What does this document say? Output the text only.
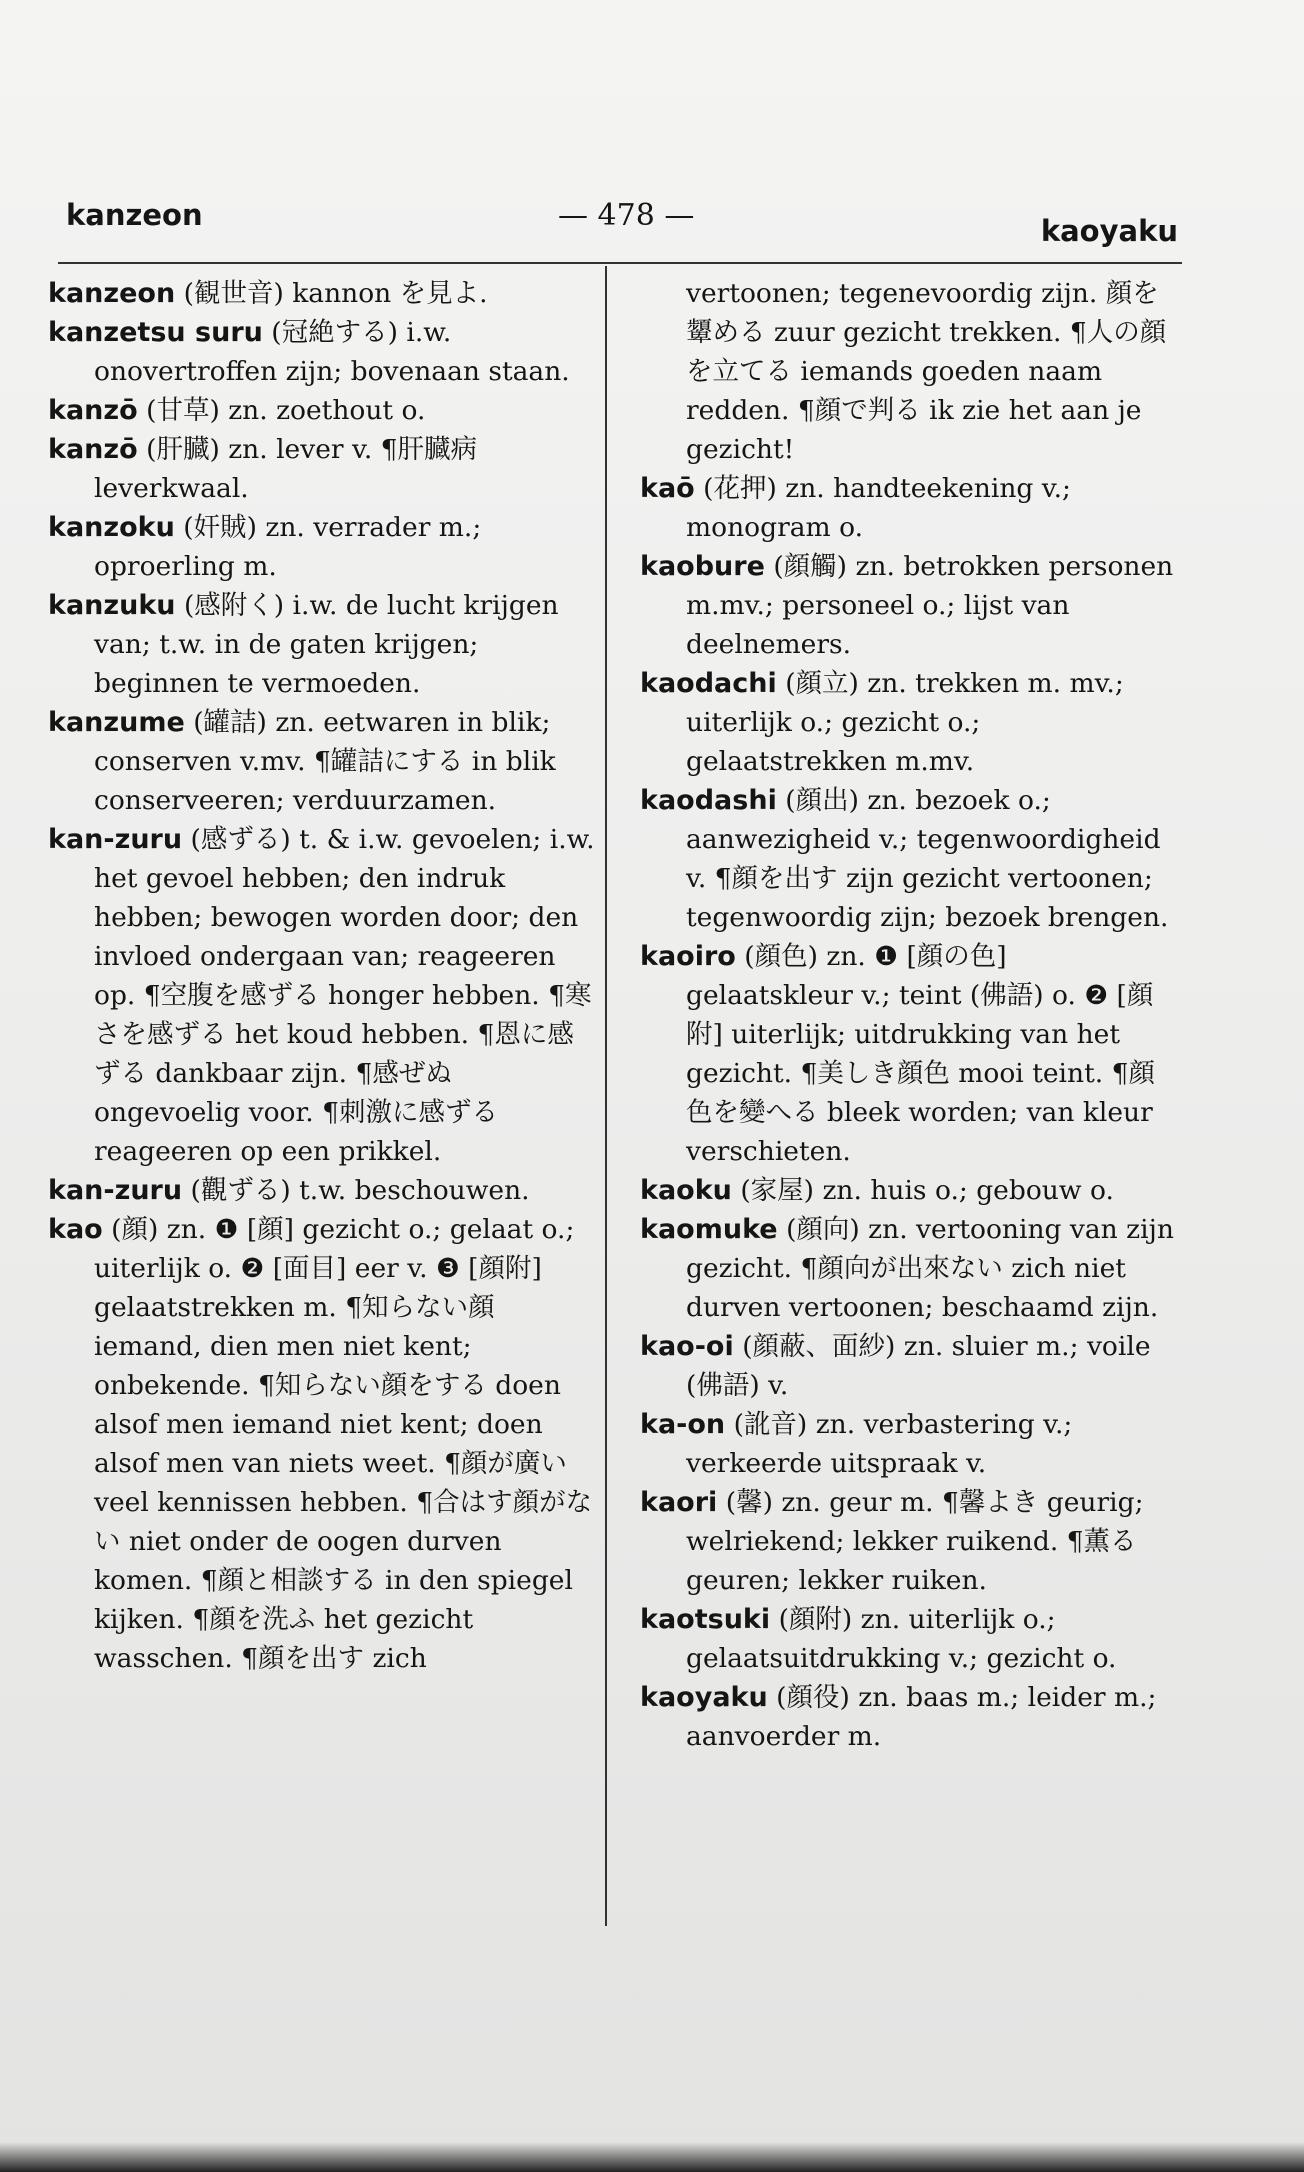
kanzeon	— 478 —	kaoyaku

kanzeon (観世音) kannon を見よ.

kanzetsu suru (冠絶する) i.w. onovertroffen zijn; bovenaan staan.

kanzō (甘草) zn. zoethout o.

kanzō (肝臓) zn. lever v. ¶肝臓病 leverkwaal.

kanzoku (奸賊) zn. verrader m.; oproerling m.

kanzuku (感附く) i.w. de lucht krijgen van; t.w. in de gaten krijgen; beginnen te vermoeden.

kanzume (罐詰) zn. eetwaren in blik; conserven v.mv. ¶罐詰にする in blik conserveeren; verduurzamen.

kan-zuru (感ずる) t. & i.w. gevoelen; i.w. het gevoel hebben; den indruk hebben; bewogen worden door; den invloed ondergaan van; reageeren op. ¶空腹を感ずる honger hebben. ¶寒さを感ずる het koud hebben. ¶恩に感ずる dankbaar zijn. ¶感ぜぬ ongevoelig voor. ¶刺激に感ずる reageeren op een prikkel.

kan-zuru (觀ずる) t.w. beschouwen.

kao (顔) zn. ❶ [顔] gezicht o.; gelaat o.; uiterlijk o. ❷ [面目] eer v. ❸ [顔附] gelaatstrekken m. ¶知らない顔 iemand, dien men niet kent; onbekende. ¶知らない顔をする doen alsof men iemand niet kent; doen alsof men van niets weet. ¶顔が廣い veel kennissen hebben. ¶合はす顔がない niet onder de oogen durven komen. ¶顔と相談する in den spiegel kijken. ¶顔を洗ふ het gezicht wasschen. ¶顔を出す zich

vertoonen; tegenevoordig zijn. 顔を顰める zuur gezicht trekken. ¶人の顔を立てる iemands goeden naam redden. ¶顔で判る ik zie het aan je gezicht!

kaō (花押) zn. handteekening v.; monogram o.

kaobure (顔觸) zn. betrokken personen m.mv.; personeel o.; lijst van deelnemers.

kaodachi (顔立) zn. trekken m. mv.; uiterlijk o.; gezicht o.; gelaatstrekken m.mv.

kaodashi (顔出) zn. bezoek o.; aanwezigheid v.; tegenwoordigheid v. ¶顔を出す zijn gezicht vertoonen; tegenwoordig zijn; bezoek brengen.

kaoiro (顔色) zn. ❶ [顔の色] gelaatskleur v.; teint (佛語) o. ❷ [顔附] uiterlijk; uitdrukking van het gezicht. ¶美しき顔色 mooi teint. ¶顔色を變へる bleek worden; van kleur verschieten.

kaoku (家屋) zn. huis o.; gebouw o.

kaomuke (顔向) zn. vertooning van zijn gezicht. ¶顔向が出來ない zich niet durven vertoonen; beschaamd zijn.

kao-oi (顔蔽、面紗) zn. sluier m.; voile (佛語) v.

ka-on (訛音) zn. verbastering v.; verkeerde uitspraak v.

kaori (馨) zn. geur m. ¶馨よき geurig; welriekend; lekker ruikend. ¶薫る geuren; lekker ruiken.

kaotsuki (顔附) zn. uiterlijk o.; gelaatsuitdrukking v.; gezicht o.

kaoyaku (顔役) zn. baas m.; leider m.; aanvoerder m.
